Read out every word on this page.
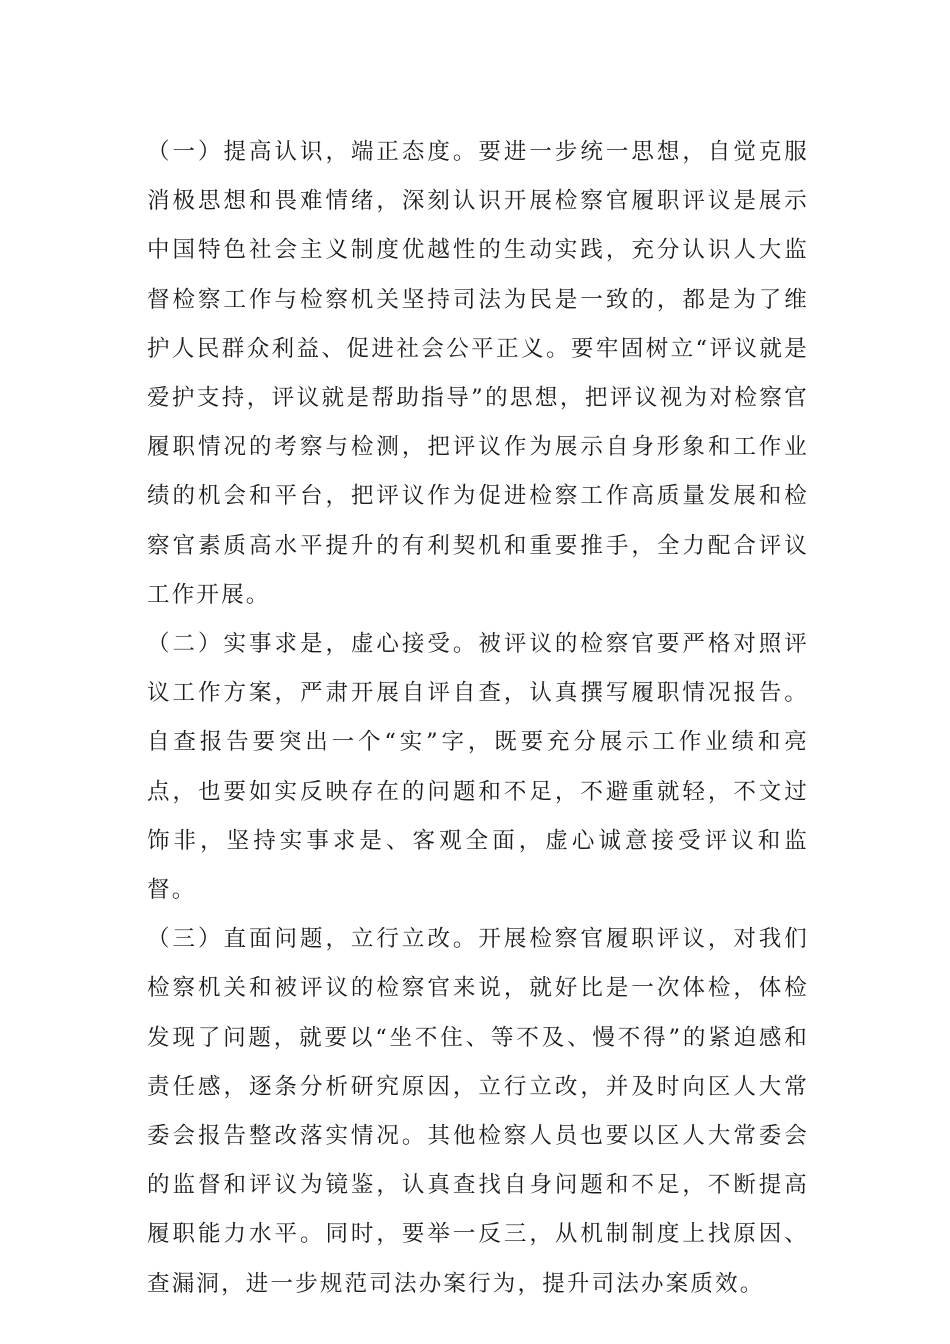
（一）提高认识，端正态度。要进一步统一思想，自觉克服消极思想和畏难情绪，深刻认识开展检察官履职评议是展示中国特色社会主义制度优越性的生动实践，充分认识人大监督检察工作与检察机关坚持司法为民是一致的，都是为了维护人民群众利益、促进社会公平正义。要牢固树立“评议就是爱护支持，评议就是帮助指导”的思想，把评议视为对检察官履职情况的考察与检测，把评议作为展示自身形象和工作业绩的机会和平台，把评议作为促进检察工作高质量发展和检察官素质高水平提升的有利契机和重要推手，全力配合评议工作开展。

（二）实事求是，虚心接受。被评议的检察官要严格对照评议工作方案，严肃开展自评自查，认真撰写履职情况报告。自查报告要突出一个“实”字，既要充分展示工作业绩和亮点，也要如实反映存在的问题和不足，不避重就轻，不文过饰非，坚持实事求是、客观全面，虚心诚意接受评议和监督。

（三）直面问题，立行立改。开展检察官履职评议，对我们检察机关和被评议的检察官来说，就好比是一次体检，体检发现了问题，就要以“坐不住、等不及、慢不得”的紧迫感和责任感，逐条分析研究原因，立行立改，并及时向区人大常委会报告整改落实情况。其他检察人员也要以区人大常委会的监督和评议为镜鉴，认真查找自身问题和不足，不断提高履职能力水平。同时，要举一反三，从机制制度上找原因、查漏洞，进一步规范司法办案行为，提升司法办案质效。
